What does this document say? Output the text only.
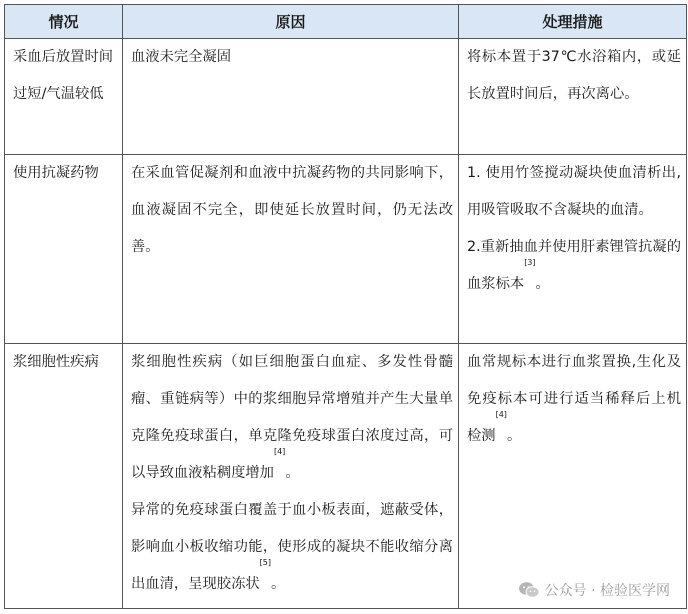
情况	原因	处理措施
采血后放置时间过短/气温较低	血液未完全凝固	将标本置于37℃水浴箱内，或延长放置时间后，再次离心。
使用抗凝药物	在采血管促凝剂和血液中抗凝药物的共同影响下，血液凝固不完全，即使延长放置时间，仍无法改善。	1. 使用竹签搅动凝块使血清析出,用吸管吸取不含凝块的血清。
2.重新抽血并使用肝素锂管抗凝的血浆标本[3]。

浆细胞性疾病	浆细胞性疾病（如巨细胞蛋白血症、多发性骨髓瘤、重链病等）中的浆细胞异常增殖并产生大量单克隆免疫球蛋白，单克隆免疫球蛋白浓度过高，可以导致血液粘稠度增加[4]。
异常的免疫球蛋白覆盖于血小板表面，遮蔽受体，影响血小板收缩功能，使形成的凝块不能收缩分离出血清，呈现胶冻状[5]。	血常规标本进行血浆置换,生化及免疫标本可进行适当稀释后上机检测[4]。
公众号 · 检验医学网
